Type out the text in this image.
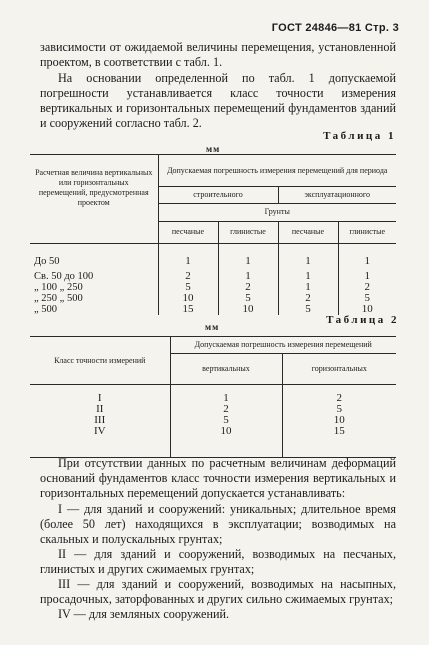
ГОСТ 24846—81 Стр. 3
зависимости от ожидаемой величины перемещения, установленной проектом, в соответствии с табл. 1.
На основании определенной по табл. 1 допускаемой погрешности устанавливается класс точности измерения вертикальных и горизонтальных перемещений фундаментов зданий и сооружений согласно табл. 2.
Таблица 1
мм
Расчетная величина вертикальных или горизонтальных перемещений, предусмотренная проектом	Допускаемая погрешность измерения перемещений для периода			
	строительного		эксплуатационного	
	Грунты			
	песчаные	глинистые	песчаные	глинистые
До 50	1	1	1	1
Св. 50 до 100	2	1	1	1
„ 100 „ 250	5	2	1	2
„ 250 „ 500	10	5	2	5
„ 500	15	10	5	10
мм
Таблица 2
Класс точности измерений	Допускаемая погрешность измерения перемещений	
	вертикальных	горизонтальных
I	1	2
II	2	5
III	5	10
IV	10	15
При отсутствии данных по расчетным величинам деформаций оснований фундаментов класс точности измерения вертикальных и горизонтальных перемещений допускается устанавливать:
I — для зданий и сооружений: уникальных; длительное время (более 50 лет) находящихся в эксплуатации; возводимых на скальных и полускальных грунтах;
II — для зданий и сооружений, возводимых на песчаных, глинистых и других сжимаемых грунтах;
III — для зданий и сооружений, возводимых на насыпных, просадочных, заторфованных и других сильно сжимаемых грунтах;
IV — для земляных сооружений.
